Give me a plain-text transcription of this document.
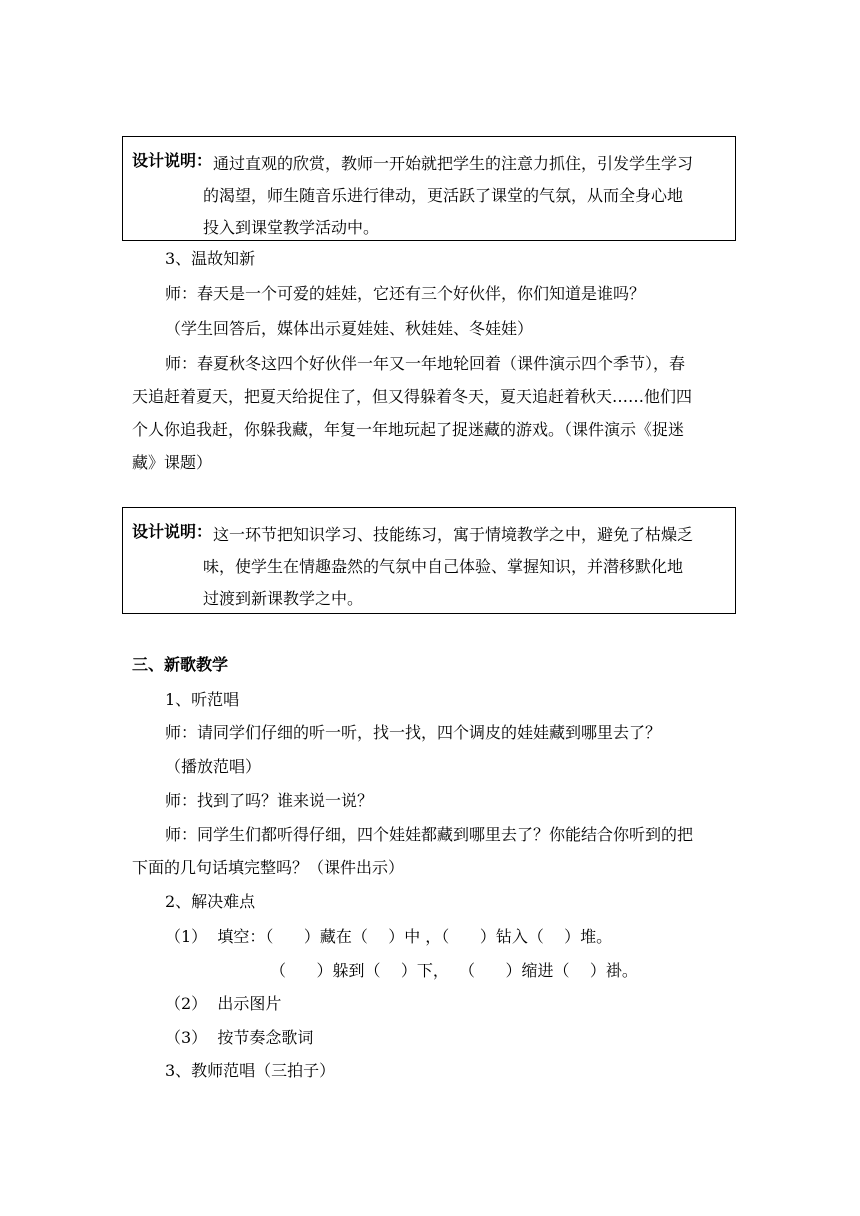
设计说明： 通过直观的欣赏，教师一开始就把学生的注意力抓住，引发学生学习
的渴望，师生随音乐进行律动，更活跃了课堂的气氛，从而全身心地
投入到课堂教学活动中。
3、温故知新
师：春天是一个可爱的娃娃，它还有三个好伙伴，你们知道是谁吗？
（学生回答后，媒体出示夏娃娃、秋娃娃、冬娃娃）
师：春夏秋冬这四个好伙伴一年又一年地轮回着（课件演示四个季节），春
天追赶着夏天，把夏天给捉住了，但又得躲着冬天，夏天追赶着秋天……他们四
个人你追我赶，你躲我藏，年复一年地玩起了捉迷藏的游戏。（课件演示《捉迷
藏》课题）
设计说明： 这一环节把知识学习、技能练习，寓于情境教学之中，避免了枯燥乏
味，使学生在情趣盎然的气氛中自己体验、掌握知识，并潜移默化地
过渡到新课教学之中。
三、新歌教学
1、听范唱
师：请同学们仔细的听一听，找一找，四个调皮的娃娃藏到哪里去了？
（播放范唱）
师：找到了吗？谁来说一说？
师：同学生们都听得仔细，四个娃娃都藏到哪里去了？你能结合你听到的把
下面的几句话填完整吗？（课件出示）
2、解决难点
（1）  填空：（      ）藏在（    ）中 ，（      ）钻入（    ）堆。
（      ）躲到（    ）下，  （      ）缩进（    ）褂。
（2）  出示图片
（3）  按节奏念歌词
3、教师范唱（三拍子）
